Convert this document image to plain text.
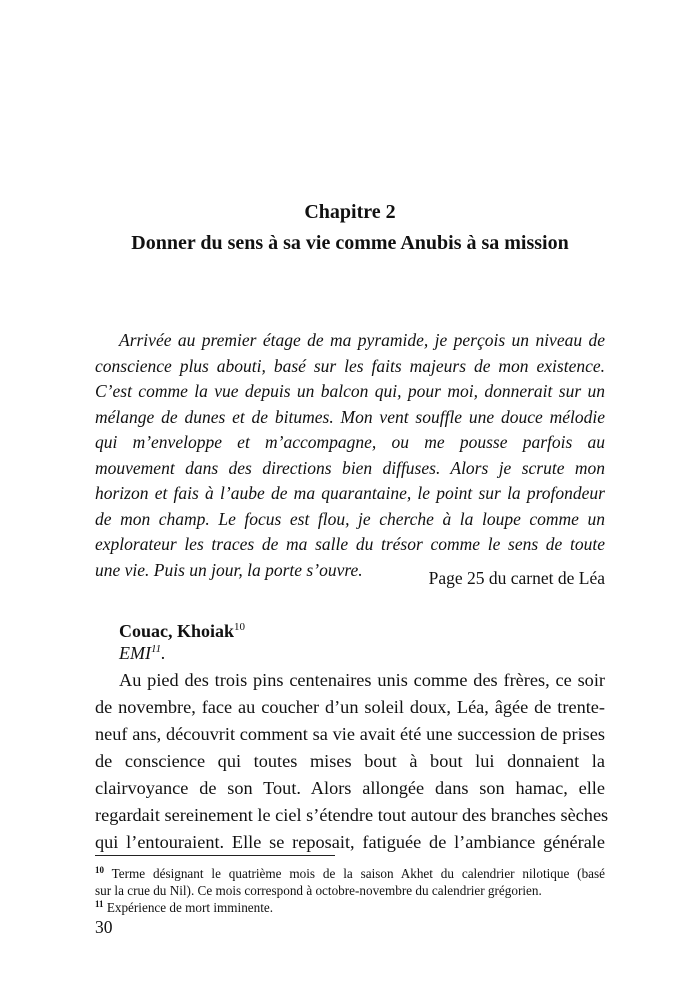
Chapitre 2
Donner du sens à sa vie comme Anubis à sa mission
Arrivée au premier étage de ma pyramide, je perçois un niveau de
conscience plus abouti, basé sur les faits majeurs de mon existence.
C’est comme la vue depuis un balcon qui, pour moi, donnerait sur un
mélange de dunes et de bitumes. Mon vent souffle une douce mélodie
qui m’enveloppe et m’accompagne, ou me pousse parfois au
mouvement dans des directions bien diffuses. Alors je scrute mon
horizon et fais à l’aube de ma quarantaine, le point sur la profondeur
de mon champ. Le focus est flou, je cherche à la loupe comme un
explorateur les traces de ma salle du trésor comme le sens de toute
une vie. Puis un jour, la porte s’ouvre.	Page 25 du carnet de Léa
Couac, Khoiak$^{10}$
EMI$^{11}$.
Au pied des trois pins centenaires unis comme des frères, ce soir
de novembre, face au coucher d’un soleil doux, Léa, âgée de trente-
neuf ans, découvrit comment sa vie avait été une succession de prises
de conscience qui toutes mises bout à bout lui donnaient la
clairvoyance de son Tout. Alors allongée dans son hamac, elle
regardait sereinement le ciel s’étendre tout autour des branches sèches
qui l’entouraient. Elle se reposait, fatiguée de l’ambiance générale
$^{10}$ Terme désignant le quatrième mois de la saison Akhet du calendrier nilotique (basé
sur la crue du Nil). Ce mois correspond à octobre-novembre du calendrier grégorien.
$^{11}$ Expérience de mort imminente.
30
